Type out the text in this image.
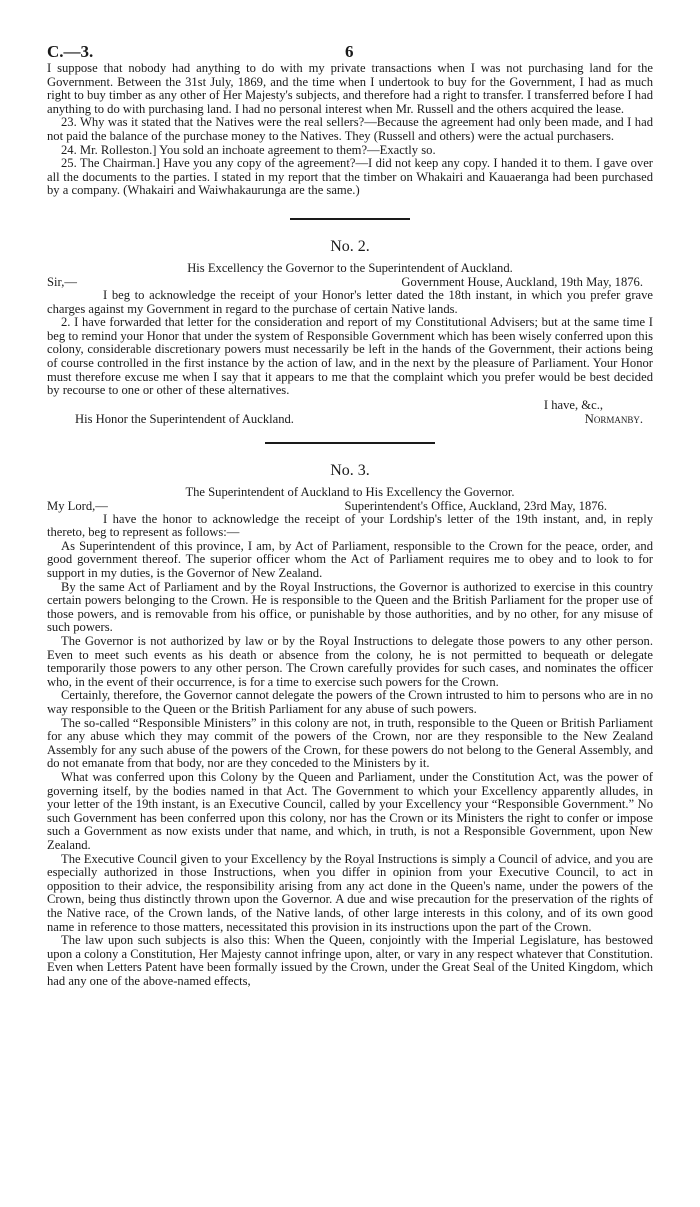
C.—3.	6

I suppose that nobody had anything to do with my private transactions when I was not purchasing land for the Government. Between the 31st July, 1869, and the time when I undertook to buy for the Government, I had as much right to buy timber as any other of Her Majesty's subjects, and therefore had a right to transfer. I transferred before I had anything to do with purchasing land. I had no personal interest when Mr. Russell and the others acquired the lease.

23. Why was it stated that the Natives were the real sellers?—Because the agreement had only been made, and I had not paid the balance of the purchase money to the Natives. They (Russell and others) were the actual purchasers.

24. Mr. Rolleston.] You sold an inchoate agreement to them?—Exactly so.

25. The Chairman.] Have you any copy of the agreement?—I did not keep any copy. I handed it to them. I gave over all the documents to the parties. I stated in my report that the timber on Whakairi and Kauaeranga had been purchased by a company. (Whakairi and Waiwhakaurunga are the same.)

No. 2.
His Excellency the Governor to the Superintendent of Auckland.
Sir,—	Government House, Auckland, 19th May, 1876.

I beg to acknowledge the receipt of your Honor's letter dated the 18th instant, in which you prefer grave charges against my Government in regard to the purchase of certain Native lands.

2. I have forwarded that letter for the consideration and report of my Constitutional Advisers; but at the same time I beg to remind your Honor that under the system of Responsible Government which has been wisely conferred upon this colony, considerable discretionary powers must necessarily be left in the hands of the Government, their actions being of course controlled in the first instance by the action of law, and in the next by the pleasure of Parliament. Your Honor must therefore excuse me when I say that it appears to me that the complaint which you prefer would be best decided by recourse to one or other of these alternatives.

I have, &c.,
His Honor the Superintendent of Auckland.	Normanby.
No. 3.
The Superintendent of Auckland to His Excellency the Governor.
My Lord,—	Superintendent's Office, Auckland, 23rd May, 1876.

I have the honor to acknowledge the receipt of your Lordship's letter of the 19th instant, and, in reply thereto, beg to represent as follows:—

As Superintendent of this province, I am, by Act of Parliament, responsible to the Crown for the peace, order, and good government thereof. The superior officer whom the Act of Parliament requires me to obey and to look to for support in my duties, is the Governor of New Zealand.

By the same Act of Parliament and by the Royal Instructions, the Governor is authorized to exercise in this country certain powers belonging to the Crown. He is responsible to the Queen and the British Parliament for the proper use of those powers, and is removable from his office, or punishable by those authorities, and by no other, for any misuse of such powers.

The Governor is not authorized by law or by the Royal Instructions to delegate those powers to any other person. Even to meet such events as his death or absence from the colony, he is not permitted to bequeath or delegate temporarily those powers to any other person. The Crown carefully provides for such cases, and nominates the officer who, in the event of their occurrence, is for a time to exercise such powers for the Crown.

Certainly, therefore, the Governor cannot delegate the powers of the Crown intrusted to him to persons who are in no way responsible to the Queen or the British Parliament for any abuse of such powers.

The so-called “Responsible Ministers” in this colony are not, in truth, responsible to the Queen or British Parliament for any abuse which they may commit of the powers of the Crown, nor are they responsible to the New Zealand Assembly for any such abuse of the powers of the Crown, for these powers do not belong to the General Assembly, and do not emanate from that body, nor are they conceded to the Ministers by it.

What was conferred upon this Colony by the Queen and Parliament, under the Constitution Act, was the power of governing itself, by the bodies named in that Act. The Government to which your Excellency apparently alludes, in your letter of the 19th instant, is an Executive Council, called by your Excellency your “Responsible Government.” No such Government has been conferred upon this colony, nor has the Crown or its Ministers the right to confer or impose such a Government as now exists under that name, and which, in truth, is not a Responsible Government, upon New Zealand.

The Executive Council given to your Excellency by the Royal Instructions is simply a Council of advice, and you are especially authorized in those Instructions, when you differ in opinion from your Executive Council, to act in opposition to their advice, the responsibility arising from any act done in the Queen's name, under the powers of the Crown, being thus distinctly thrown upon the Governor. A due and wise precaution for the preservation of the rights of the Native race, of the Crown lands, of the Native lands, of other large interests in this colony, and of its own good name in reference to those matters, necessitated this provision in its instructions upon the part of the Crown.

The law upon such subjects is also this: When the Queen, conjointly with the Imperial Legislature, has bestowed upon a colony a Constitution, Her Majesty cannot infringe upon, alter, or vary in any respect whatever that Constitution. Even when Letters Patent have been formally issued by the Crown, under the Great Seal of the United Kingdom, which had any one of the above-named effects,
